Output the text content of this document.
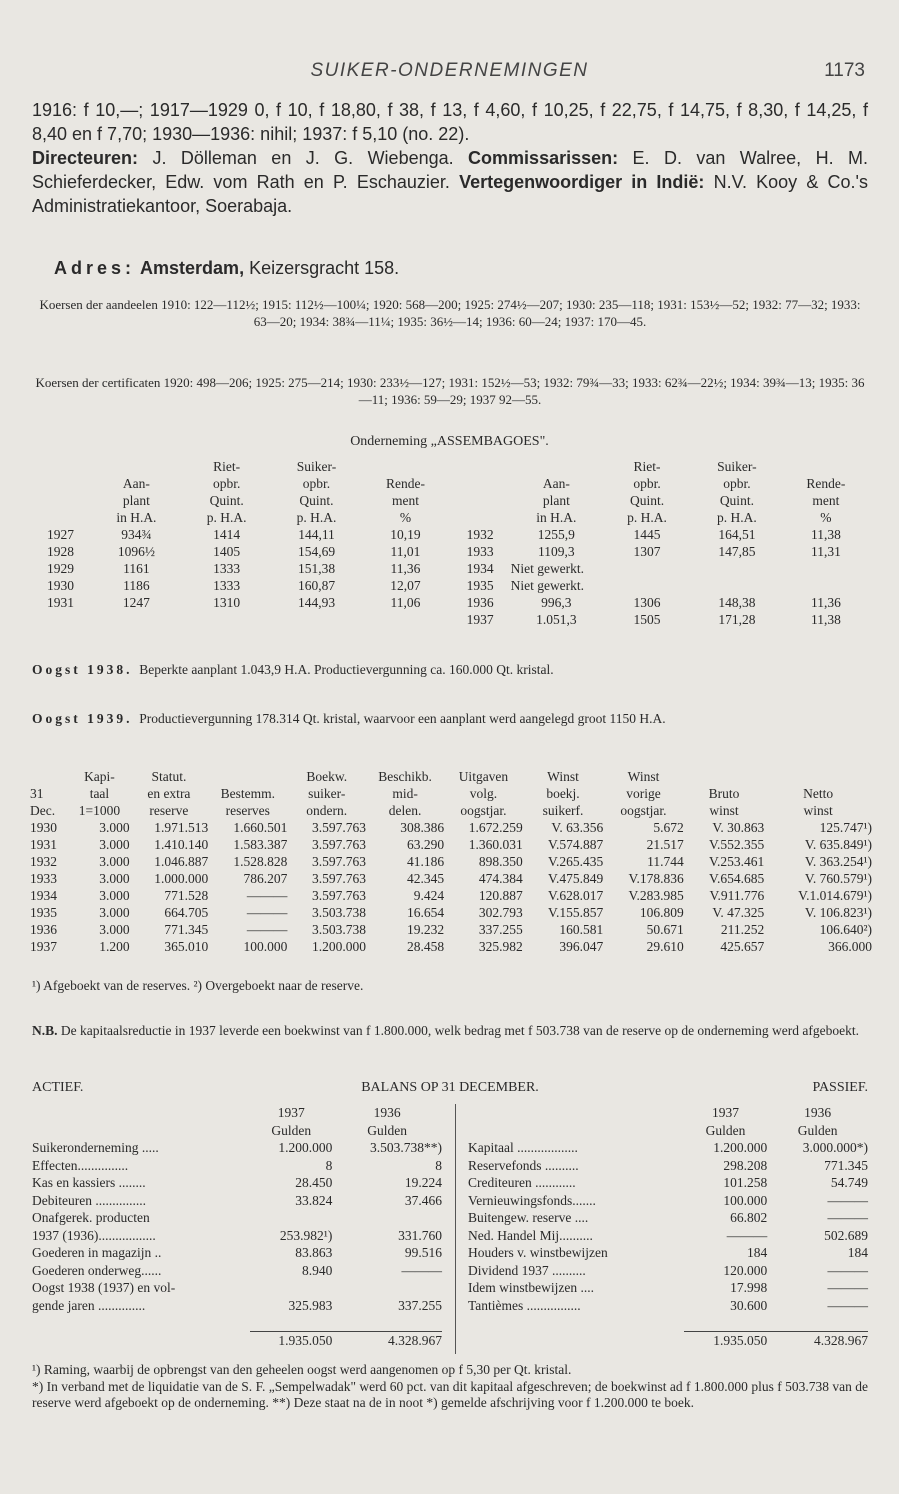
SUIKER-ONDERNEMINGEN	1173

1916: f 10,—; 1917—1929 0, f 10, f 18,80, f 38, f 13, f 4,60, f 10,25, f 22,75, f 14,75, f 8,30, f 14,25, f 8,40 en f 7,70; 1930—1936: nihil; 1937: f 5,10 (no. 22).

Directeuren: J. Dölleman en J. G. Wiebenga. Commissarissen: E. D. van Walree, H. M. Schieferdecker, Edw. vom Rath en P. Eschauzier. Vertegenwoordiger in Indië: N.V. Kooy & Co.'s Administratiekantoor, Soerabaja.

Adres: Amsterdam, Keizersgracht 158.
Koersen der aandeelen 1910: 122—112½; 1915: 112½—100¼; 1920: 568—200; 1925: 274½—207; 1930: 235—118; 1931: 153½—52; 1932: 77—32; 1933: 63—20; 1934: 38¾—11¼; 1935: 36½—14; 1936: 60—24; 1937: 170—45.
Koersen der certificaten 1920: 498—206; 1925: 275—214; 1930: 233½—127; 1931: 152½—53; 1932: 79¾—33; 1933: 62¾—22½; 1934: 39¾—13; 1935: 36—11; 1936: 59—29; 1937 92—55.
Onderneming „ASSEMBAGOES".
		Riet-	Suiker-					Riet-	Suiker-	
	Aan-	opbr.	opbr.	Rende-			Aan-	opbr.	opbr.	Rende-
	plant	Quint.	Quint.	ment			plant	Quint.	Quint.	ment
	in H.A.	p. H.A.	p. H.A.	%			in H.A.	p. H.A.	p. H.A.	%
1927	934¾	1414	144,11	10,19		1932	1255,9	1445	164,51	11,38
1928	1096½	1405	154,69	11,01		1933	1109,3	1307	147,85	11,31
1929	1161	1333	151,38	11,36		1934	Niet gewerkt.			
1930	1186	1333	160,87	12,07		1935	Niet gewerkt.			
1931	1247	1310	144,93	11,06		1936	996,3	1306	148,38	11,36
						1937	1.051,3	1505	171,28	11,38
Oogst 1938. Beperkte aanplant 1.043,9 H.A. Productievergunning ca. 160.000 Qt. kristal.
Oogst 1939. Productievergunning 178.314 Qt. kristal, waarvoor een aanplant werd aangelegd groot 1150 H.A.
	Kapi-	Statut.		Boekw.	Beschikb.	Uitgaven	Winst	Winst		
31	taal	en extra	Bestemm.	suiker-	mid-	volg.	boekj.	vorige	Bruto	Netto
Dec.	1=1000	reserve	reserves	ondern.	delen.	oogstjar.	suikerf.	oogstjar.	winst	winst
1930	3.000	1.971.513	1.660.501	3.597.763	308.386	1.672.259	V. 63.356	5.672	V. 30.863	125.747¹)
1931	3.000	1.410.140	1.583.387	3.597.763	63.290	1.360.031	V.574.887	21.517	V.552.355	V. 635.849¹)
1932	3.000	1.046.887	1.528.828	3.597.763	41.186	898.350	V.265.435	11.744	V.253.461	V. 363.254¹)
1933	3.000	1.000.000	786.207	3.597.763	42.345	474.384	V.475.849	V.178.836	V.654.685	V. 760.579¹)
1934	3.000	771.528	———	3.597.763	9.424	120.887	V.628.017	V.283.985	V.911.776	V.1.014.679¹)
1935	3.000	664.705	———	3.503.738	16.654	302.793	V.155.857	106.809	V. 47.325	V. 106.823¹)
1936	3.000	771.345	———	3.503.738	19.232	337.255	160.581	50.671	211.252	106.640²)
1937	1.200	365.010	100.000	1.200.000	28.458	325.982	396.047	29.610	425.657	366.000
¹) Afgeboekt van de reserves. ²) Overgeboekt naar de reserve.
N.B. De kapitaalsreductie in 1937 leverde een boekwinst van f 1.800.000, welk bedrag met f 503.738 van de reserve op de onderneming werd afgeboekt.
ACTIEF.	BALANS OP 31 DECEMBER.	PASSIEF.
	1937	1936
	Gulden	Gulden
Suikeronderneming .....	1.200.000	3.503.738**)
Effecten...............	8	8
Kas en kassiers ........	28.450	19.224
Debiteuren ...............	33.824	37.466
Onafgerek. producten		
1937 (1936).................	253.982¹)	331.760
Goederen in magazijn ..	83.863	99.516
Goederen onderweg......	8.940	———
Oogst 1938 (1937) en vol-		
gende jaren ..............	325.983	337.255

	1.935.050	4.328.967
	1937	1936
	Gulden	Gulden
Kapitaal ..................	1.200.000	3.000.000*)
Reservefonds ..........	298.208	771.345
Crediteuren ............	101.258	54.749
Vernieuwingsfonds.......	100.000	———
Buitengew. reserve ....	66.802	———
Ned. Handel Mij..........	———	502.689
Houders v. winstbewijzen	184	184
Dividend 1937 ..........	120.000	———
Idem winstbewijzen ....	17.998	———
Tantièmes ................	30.600	———

	1.935.050	4.328.967

¹) Raming, waarbij de opbrengst van den geheelen oogst werd aangenomen op f 5,30 per Qt. kristal.

*) In verband met de liquidatie van de S. F. „Sempelwadak" werd 60 pct. van dit kapitaal afgeschreven; de boekwinst ad f 1.800.000 plus f 503.738 van de reserve werd afgeboekt op de onderneming. **) Deze staat na de in noot *) gemelde afschrijving voor f 1.200.000 te boek.
